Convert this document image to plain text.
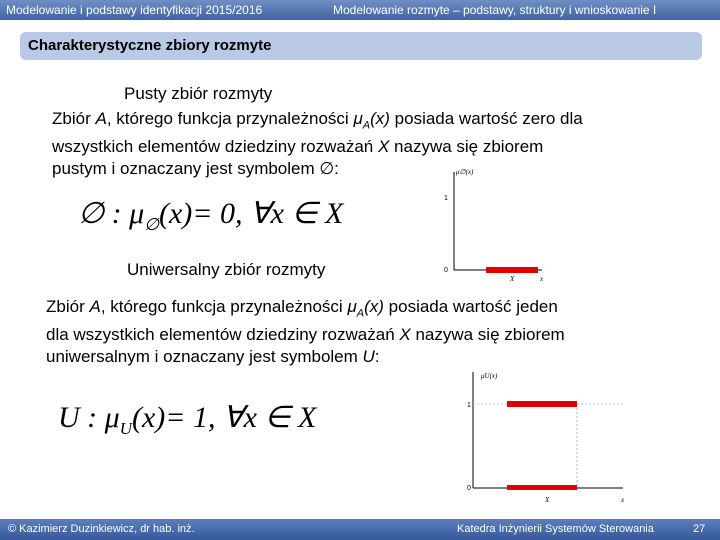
Modelowanie i podstawy identyfikacji 2015/2016	Modelowanie rozmyte – podstawy, struktury i wnioskowanie I
Charakterystyczne zbiory rozmyte
Pusty zbiór rozmyty
Zbiór A, którego funkcja przynależności $\mu_A(x)$ posiada wartość zero dla
wszystkich elementów dziedziny rozważań X nazywa się zbiorem
pustym i oznaczany jest symbolem ∅:
∅ : $\mu_\emptyset(x)= 0$, ∀x ∈ X
μ∅(x)
1
0
X	x
Uniwersalny zbiór rozmyty
Zbiór A, którego funkcja przynależności $\mu_A(x)$ posiada wartość jeden
dla wszystkich elementów dziedziny rozważań X nazywa się zbiorem
uniwersalnym i oznaczany jest symbolem U:
U : $\mu_U(x)= 1$, ∀x ∈ X
μU(x)
1
0
X	x
© Kazimierz Duzinkiewicz, dr hab. inż.	Katedra Inżynierii Systemów Sterowania	27
